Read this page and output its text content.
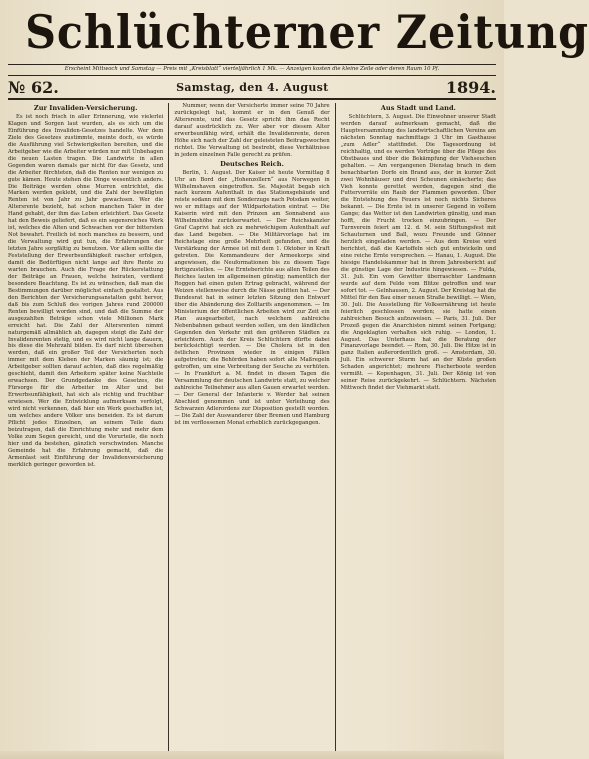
Schlüchterner Zeitung
Erscheint Mittwoch und Samstag — Preis mit „Kreisblatt“ vierteljährlich 1 Mk. — Anzeigen kosten die kleine Zeile oder deren Raum 10 Pf.
№ 62.	Samstag, den 4. August	1894.
Zur Invaliden-Versicherung.

Es ist noch frisch in aller Erinnerung, wie vielerlei Klagen und Sorgen laut wurden, als es sich um die Einführung des Invaliden-Gesetzes handelte. Wer dem Ziele des Gesetzes zustimmte, meinte doch, es würde die Ausführung viel Schwierigkeiten bereiten, und die Arbeitgeber wie die Arbeiter würden nur mit Unbehagen die neuen Lasten tragen. Die Landwirte in allen Gegenden waren damals gar nicht für das Gesetz, und die Arbeiter fürchteten, daß die Renten nur wenigen zu gute kämen. Heute stehen die Dinge wesentlich anders. Die Beiträge werden ohne Murren entrichtet, die Marken werden geklebt, und die Zahl der bewilligten Renten ist von Jahr zu Jahr gewachsen. Wer die Altersrente bezieht, hat schon manchen Taler in der Hand gehabt, der ihm das Leben erleichtert. Das Gesetz hat den Beweis geliefert, daß es ein segensreiches Werk ist, welches die Alten und Schwachen vor der bittersten Not bewahrt. Freilich ist noch manches zu bessern, und die Verwaltung wird gut tun, die Erfahrungen der letzten Jahre sorgfältig zu benutzen. Vor allem sollte die Feststellung der Erwerbsunfähigkeit rascher erfolgen, damit die Bedürftigen nicht lange auf ihre Rente zu warten brauchen. Auch die Frage der Rückerstattung der Beiträge an Frauen, welche heiraten, verdient besondere Beachtung. Es ist zu wünschen, daß man die Bestimmungen darüber möglichst einfach gestaltet. Aus den Berichten der Versicherungsanstalten geht hervor, daß bis zum Schluß des vorigen Jahres rund 200000 Renten bewilligt worden sind, und daß die Summe der ausgezahlten Beträge schon viele Millionen Mark erreicht hat. Die Zahl der Altersrenten nimmt naturgemäß allmählich ab, dagegen steigt die Zahl der Invalidenrenten stetig, und es wird nicht lange dauern, bis diese die Mehrzahl bilden. Es darf nicht übersehen werden, daß ein großer Teil der Versicherten noch immer mit dem Kleben der Marken säumig ist; die Arbeitgeber sollten darauf achten, daß dies regelmäßig geschieht, damit den Arbeitern später keine Nachteile erwachsen. Der Grundgedanke des Gesetzes, die Fürsorge für die Arbeiter im Alter und bei Erwerbsunfähigkeit, hat sich als richtig und fruchtbar erwiesen. Wer die Entwicklung aufmerksam verfolgt, wird nicht verkennen, daß hier ein Werk geschaffen ist, um welches andere Völker uns beneiden. Es ist darum Pflicht jedes Einzelnen, an seinem Teile dazu beizutragen, daß die Einrichtung mehr und mehr dem Volke zum Segen gereicht, und die Vorurteile, die noch hier und da bestehen, gänzlich verschwinden. Manche Gemeinde hat die Erfahrung gemacht, daß die Armenlast seit Einführung der Invalidenversicherung merklich geringer geworden ist.

Nummer, wenn der Versicherte immer seine 70 Jahre zurückgelegt hat, kommt er in den Genuß der Altersrente, und das Gesetz spricht ihm das Recht darauf ausdrücklich zu. Wer aber vor diesem Alter erwerbsunfähig wird, erhält die Invalidenrente, deren Höhe sich nach der Zahl der geleisteten Beitragswochen richtet. Die Verwaltung ist bestrebt, diese Verhältnisse in jedem einzelnen Falle gerecht zu prüfen.

Deutsches Reich.

Berlin, 1. August. Der Kaiser ist heute Vormittag 8 Uhr an Bord der „Hohenzollern“ aus Norwegen in Wilhelmshaven eingetroffen. Se. Majestät begab sich nach kurzem Aufenthalt in das Stationsgebäude und reiste sodann mit dem Sonderzuge nach Potsdam weiter, wo er mittags auf der Wildparkstation eintraf. — Die Kaiserin wird mit den Prinzen am Sonnabend aus Wilhelmshöhe zurückerwartet. — Der Reichskanzler Graf Caprivi hat sich zu mehrwöchigem Aufenthalt auf das Land begeben. — Die Militärvorlage hat im Reichstage eine große Mehrheit gefunden, und die Verstärkung der Armee ist mit dem 1. Oktober in Kraft getreten. Die Kommandeure der Armeekorps sind angewiesen, die Neuformationen bis zu diesem Tage fertigzustellen. — Die Ernteberichte aus allen Teilen des Reiches lauten im allgemeinen günstig; namentlich der Roggen hat einen guten Ertrag gebracht, während der Weizen stellenweise durch die Nässe gelitten hat. — Der Bundesrat hat in seiner letzten Sitzung den Entwurf über die Abänderung des Zolltarifs angenommen. — Im Ministerium der öffentlichen Arbeiten wird zur Zeit ein Plan ausgearbeitet, nach welchem zahlreiche Nebenbahnen gebaut werden sollen, um den ländlichen Gegenden den Verkehr mit den größeren Städten zu erleichtern. Auch der Kreis Schlüchtern dürfte dabei berücksichtigt werden. — Die Cholera ist in den östlichen Provinzen wieder in einigen Fällen aufgetreten; die Behörden haben sofort alle Maßregeln getroffen, um eine Verbreitung der Seuche zu verhüten. — In Frankfurt a. M. findet in diesen Tagen die Versammlung der deutschen Landwirte statt, zu welcher zahlreiche Teilnehmer aus allen Gauen erwartet werden. — Der General der Infanterie v. Werder hat seinen Abschied genommen und ist unter Verleihung des Schwarzen Adlerordens zur Disposition gestellt worden. — Die Zahl der Auswanderer über Bremen und Hamburg ist im verflossenen Monat erheblich zurückgegangen.

Aus Stadt und Land.

Schlüchtern, 3. August. Die Einwohner unserer Stadt werden darauf aufmerksam gemacht, daß die Hauptversammlung des landwirtschaftlichen Vereins am nächsten Sonntag nachmittags 3 Uhr im Gasthause „zum Adler“ stattfindet. Die Tagesordnung ist reichhaltig, und es werden Vorträge über die Pflege des Obstbaues und über die Bekämpfung der Viehseuchen gehalten. — Am vergangenen Dienstag brach in dem benachbarten Dorfe ein Brand aus, der in kurzer Zeit zwei Wohnhäuser und drei Scheunen einäscherte; das Vieh konnte gerettet werden, dagegen sind die Futtervorräte ein Raub der Flammen geworden. Über die Entstehung des Feuers ist noch nichts Sicheres bekannt. — Die Ernte ist in unserer Gegend in vollem Gange; das Wetter ist den Landwirten günstig, und man hofft, die Frucht trocken einzubringen. — Der Turnverein feiert am 12. d. M. sein Stiftungsfest mit Schauturnen und Ball, wozu Freunde und Gönner herzlich eingeladen werden. — Aus dem Kreise wird berichtet, daß die Kartoffeln sich gut entwickeln und eine reiche Ernte versprechen. — Hanau, 1. August. Die hiesige Handelskammer hat in ihrem Jahresbericht auf die günstige Lage der Industrie hingewiesen. — Fulda, 31. Juli. Ein vom Gewitter überraschter Landmann wurde auf dem Felde vom Blitze getroffen und war sofort tot. — Gelnhausen, 2. August. Der Kreistag hat die Mittel für den Bau einer neuen Straße bewilligt. — Wien, 30. Juli. Die Ausstellung für Volksernährung ist heute feierlich geschlossen worden; sie hatte einen zahlreichen Besuch aufzuweisen. — Paris, 31. Juli. Der Prozeß gegen die Anarchisten nimmt seinen Fortgang; die Angeklagten verhalten sich ruhig. — London, 1. August. Das Unterhaus hat die Beratung der Finanzvorlage beendet. — Rom, 30. Juli. Die Hitze ist in ganz Italien außerordentlich groß. — Amsterdam, 30. Juli. Ein schwerer Sturm hat an der Küste großen Schaden angerichtet; mehrere Fischerboote werden vermißt. — Kopenhagen, 31. Juli. Der König ist von seiner Reise zurückgekehrt. — Schlüchtern. Nächsten Mittwoch findet der Viehmarkt statt.
